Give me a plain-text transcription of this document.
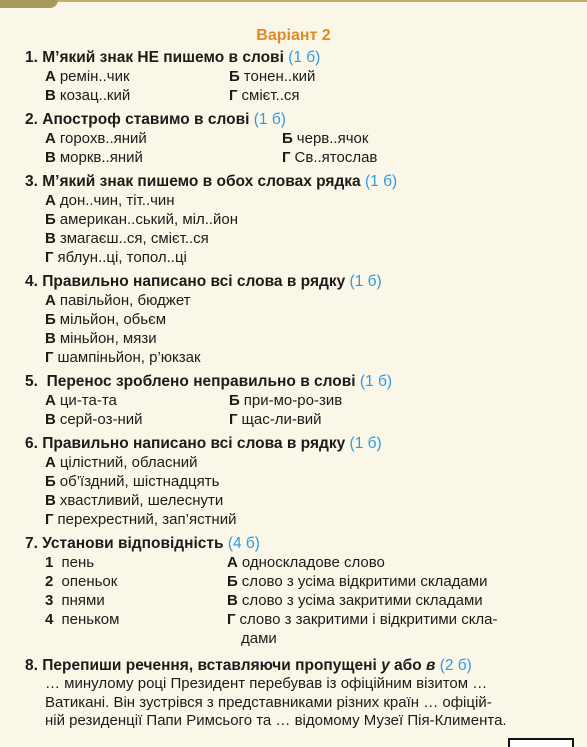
Варіант 2
1. М’який знак НЕ пишемо в слові (1 б)
А ремін..чик	Б тонен..кий
В козац..кий	Г смієт..ся
2. Апостроф ставимо в слові (1 б)
А горохв..яний	Б черв..ячок
В моркв..яний	Г Св..ятослав
3. М’який знак пишемо в обох словах рядка (1 б)
А дон..чин, тіт..чин
Б американ..ський, міл..йон
В змагаєш..ся, смієт..ся
Г яблун..ці, топол..ці
4. Правильно написано всі слова в рядку (1 б)
А павільйон, бюджет
Б мільйон, обьєм
В міньйон, мязи
Г шампіньйон, р’юкзак
5. Перенос зроблено неправильно в слові (1 б)
А ци-та-та	Б при-мо-ро-зив
В серй-оз-ний	Г щас-ли-вий
6. Правильно написано всі слова в рядку (1 б)
А цілістний, обласний
Б об’їздний, шістнадцять
В хвастливий, шелеснути
Г перехрестний, зап’ястний
7. Установи відповідність (4 б)
1 пень	А односкладове слово
2 опеньок	Б слово з усіма відкритими складами
3 пнями	В слово з усіма закритими складами
4 пеньком	Г слово з закритими і відкритими скла-
дами
8. Перепиши речення, вставляючи пропущені у або в (2 б)
… минулому році Президент перебував із офіційним візитом …
Ватикані. Він зустрівся з представниками різних країн … офіцій-
ній резиденції Папи Римсього та … відомому Музеї Пія-Климента.
